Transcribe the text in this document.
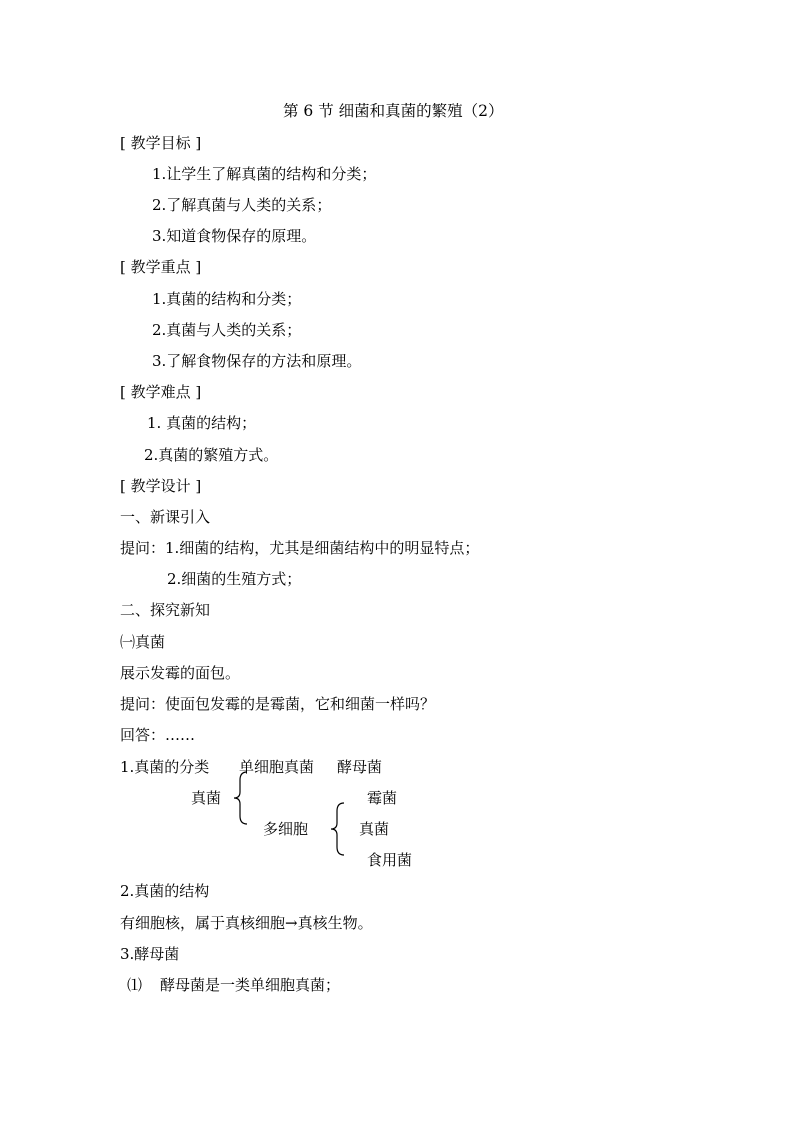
第 6 节 细菌和真菌的繁殖（2）
[ 教学目标 ]
1.让学生了解真菌的结构和分类；
2.了解真菌与人类的关系；
3.知道食物保存的原理。
[ 教学重点 ]
1.真菌的结构和分类；
2.真菌与人类的关系；
3.了解食物保存的方法和原理。
[ 教学难点 ]
1. 真菌的结构；
2.真菌的繁殖方式。
[ 教学设计 ]
一、新课引入
提问：1.细菌的结构，尤其是细菌结构中的明显特点；
2.细菌的生殖方式；
二、探究新知
㈠真菌
展示发霉的面包。
提问：使面包发霉的是霉菌，它和细菌一样吗？
回答：……
1.真菌的分类 单细胞真菌 酵母菌
真菌	霉菌
多细胞	真菌
食用菌
2.真菌的结构
有细胞核，属于真核细胞→真核生物。
3.酵母菌
⑴ 酵母菌是一类单细胞真菌；
